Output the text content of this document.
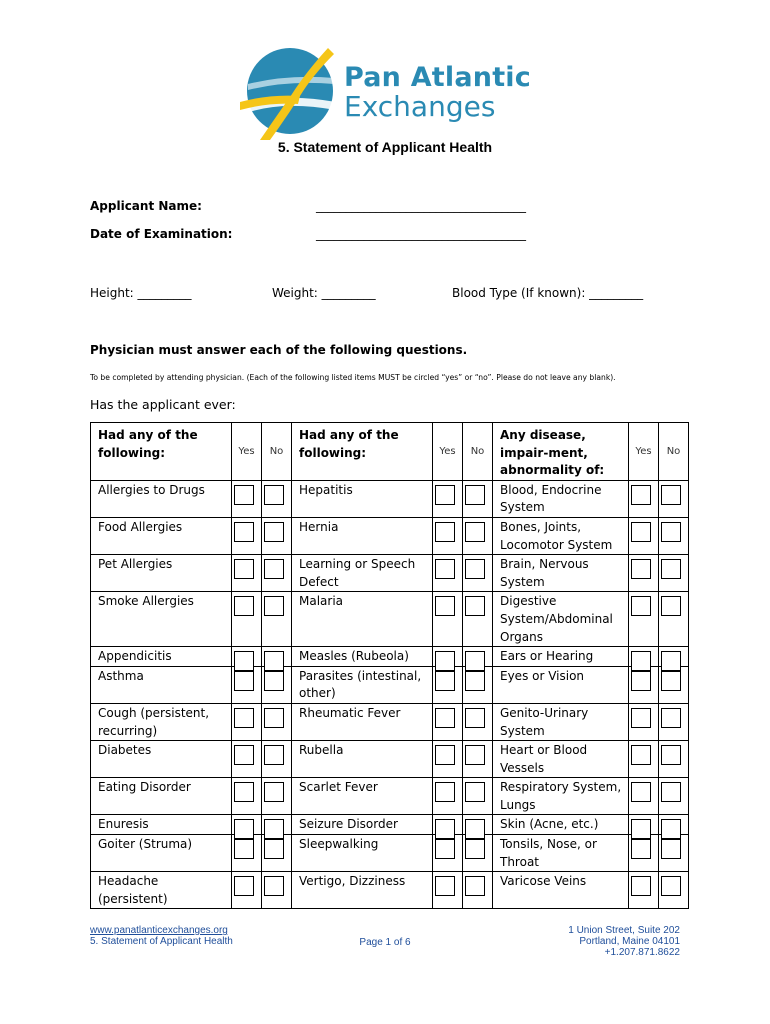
Pan Atlantic
Exchanges
5. Statement of Applicant Health
Applicant Name:	___________________________________
Date of Examination:	___________________________________
Height: _________	Weight: _________	Blood Type (If known): _________
Physician must answer each of the following questions.
To be completed by attending physician. (Each of the following listed items MUST be circled “yes” or “no”. Please do not leave any blank).
Has the applicant ever:
Had any of the following:	Yes	No	Had any of the following:	Yes	No	Any disease, impair-ment, abnormality of:	Yes	No
Allergies to Drugs			Hepatitis			Blood, Endocrine System	

Food Allergies			Hernia			Bones, Joints, Locomotor System	

Pet Allergies			Learning or Speech Defect			Brain, Nervous System	

Smoke Allergies			Malaria			Digestive System/Abdominal Organs	

Appendicitis			Measles (Rubeola)			Ears or Hearing	

Asthma			Parasites (intestinal, other)			Eyes or Vision	

Cough (persistent, recurring)			Rheumatic Fever			Genito-Urinary System	

Diabetes			Rubella			Heart or Blood Vessels	

Eating Disorder			Scarlet Fever			Respiratory System, Lungs	

Enuresis			Seizure Disorder			Skin (Acne, etc.)	

Goiter (Struma)			Sleepwalking			Tonsils, Nose, or Throat	

Headache (persistent)			Vertigo, Dizziness			Varicose Veins	

www.panatlanticexchanges.org
5. Statement of Applicant Health	Page 1 of 6
1 Union Street, Suite 202
Portland, Maine 04101
+1.207.871.8622
